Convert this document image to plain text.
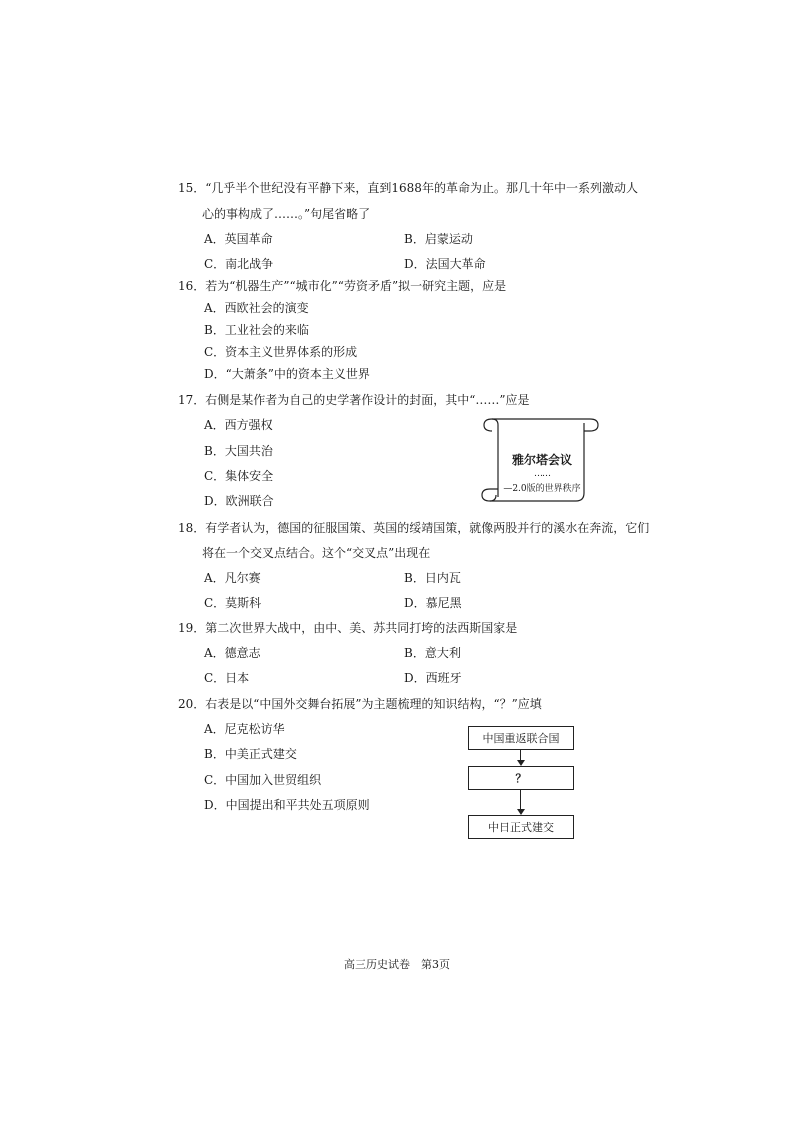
15．“几乎半个世纪没有平静下来，直到1688年的革命为止。那几十年中一系列激动人
心的事构成了……。”句尾省略了
A．英国革命	B．启蒙运动
C．南北战争	D．法国大革命
16．若为“机器生产”“城市化”“劳资矛盾”拟一研究主题，应是
A．西欧社会的演变
B．工业社会的来临
C．资本主义世界体系的形成
D．“大萧条”中的资本主义世界
17．右侧是某作者为自己的史学著作设计的封面，其中“……”应是
A．西方强权
B．大国共治
C．集体安全
D．欧洲联合
雅尔塔会议
……
—2.0版的世界秩序
18．有学者认为，德国的征服国策、英国的绥靖国策，就像两股并行的溪水在奔流，它们
将在一个交叉点结合。这个“交叉点”出现在
A．凡尔赛	B．日内瓦
C．莫斯科	D．慕尼黑
19．第二次世界大战中，由中、美、苏共同打垮的法西斯国家是
A．德意志	B．意大利
C．日本	D．西班牙
20．右表是以“中国外交舞台拓展”为主题梳理的知识结构，“？”应填
A．尼克松访华
B．中美正式建交
C．中国加入世贸组织
D．中国提出和平共处五项原则
中国重返联合国
？
中日正式建交
高三历史试卷　第3页
